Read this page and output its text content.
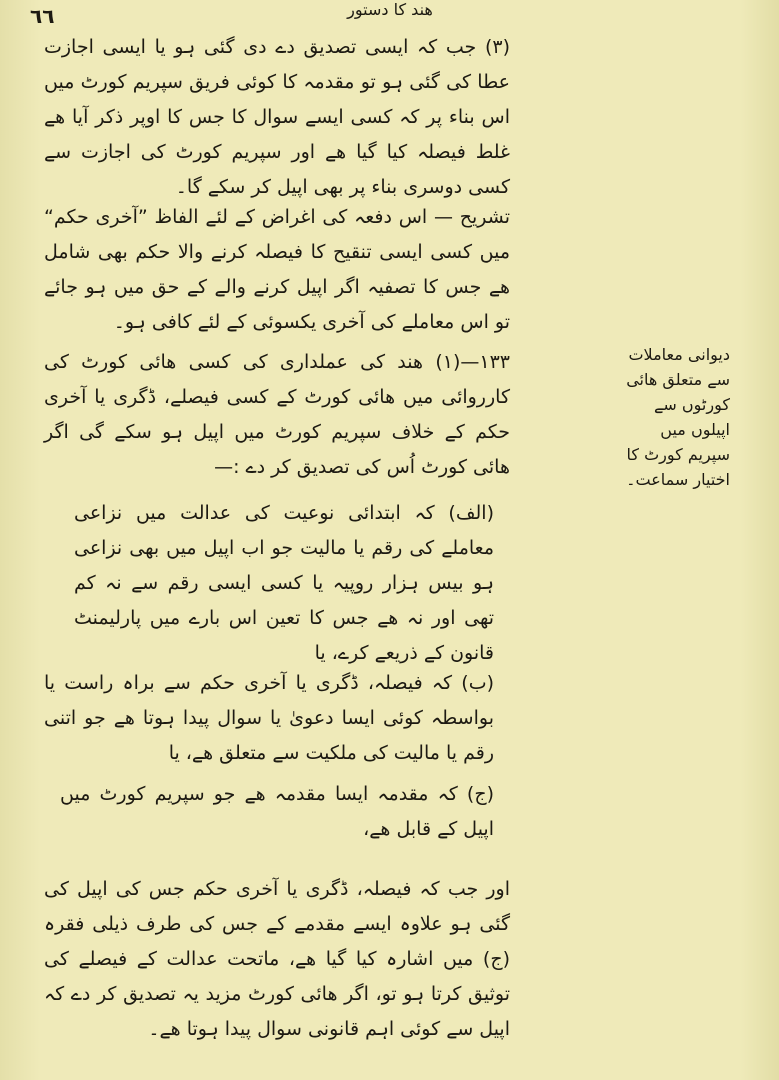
٦٦	ھند کا دستور

(٣) جب کہ ایسی تصدیق دے دی گئی ہو یا ایسی اجازت عطا کی گئی ہو تو مقدمہ کا کوئی فریق سپریم کورٹ میں اس بناء پر کہ کسی ایسے سوال کا جس کا اوپر ذکر آیا ھے غلط فیصلہ کیا گیا ھے اور سپریم کورٹ کی اجازت سے کسی دوسری بناء پر بھی اپیل کر سکے گا۔

تشریح — اس دفعہ کی اغراض کے لئے الفاظ ”آخری حکم“ میں کسی ایسی تنقیح کا فیصلہ کرنے والا حکم بھی شامل ھے جس کا تصفیہ اگر اپیل کرنے والے کے حق میں ہو جائے تو اس معاملے کی آخری یکسوئی کے لئے کافی ہو۔

١٣٣—(١) ھند کی عملداری کی کسی ھائی کورٹ کی کارروائی میں ھائی کورٹ کے کسی فیصلے، ڈگری یا آخری حکم کے خلاف سپریم کورٹ میں اپیل ہو سکے گی اگر ھائی کورٹ اُس کی تصدیق کر دے :—

دیوانی معاملات

سے متعلق ھائی

کورٹوں سے

اپیلوں میں

سپریم کورٹ کا

اختیار سماعت۔

(الف) کہ ابتدائی نوعیت کی عدالت میں نزاعی معاملے کی رقم یا مالیت جو اب اپیل میں بھی نزاعی ہو بیس ہزار روپیہ یا کسی ایسی رقم سے نہ کم تھی اور نہ ھے جس کا تعین اس بارے میں پارلیمنٹ قانون کے ذریعے کرے، یا

(ب) کہ فیصلہ، ڈگری یا آخری حکم سے براہ راست یا بواسطہ کوئی ایسا دعویٰ یا سوال پیدا ہوتا ھے جو اتنی رقم یا مالیت کی ملکیت سے متعلق ھے، یا

(ج) کہ مقدمہ ایسا مقدمہ ھے جو سپریم کورٹ میں اپیل کے قابل ھے،

اور جب کہ فیصلہ، ڈگری یا آخری حکم جس کی اپیل کی گئی ہو علاوہ ایسے مقدمے کے جس کی طرف ذیلی فقرہ (ج) میں اشارہ کیا گیا ھے، ماتحت عدالت کے فیصلے کی توثیق کرتا ہو تو، اگر ھائی کورٹ مزید یہ تصدیق کر دے کہ اپیل سے کوئی اہم قانونی سوال پیدا ہوتا ھے۔
